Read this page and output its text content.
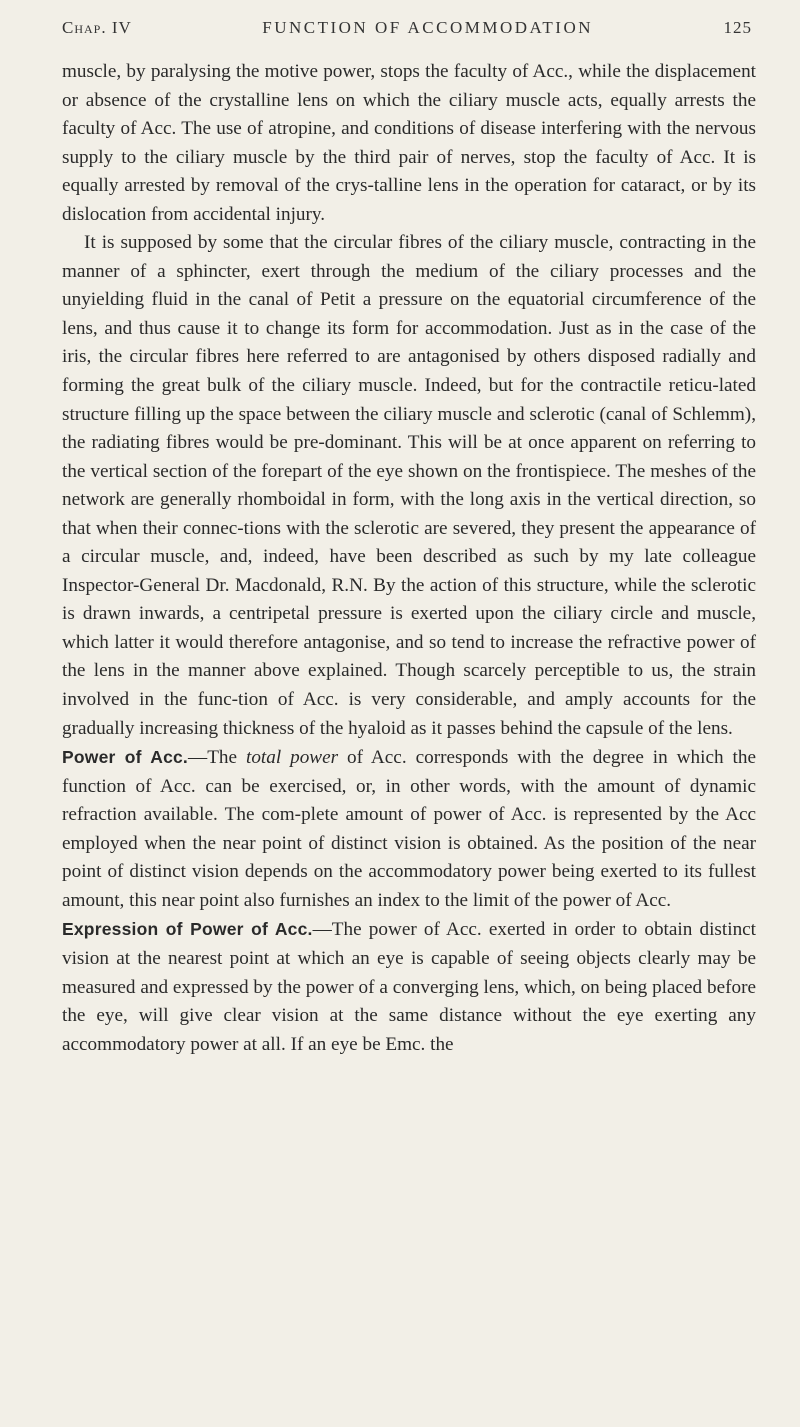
Chap. IV	FUNCTION OF ACCOMMODATION	125

muscle, by paralysing the motive power, stops the faculty of Acc., while the displacement or absence of the crystalline lens on which the ciliary muscle acts, equally arrests the faculty of Acc. The use of atropine, and conditions of disease interfering with the nervous supply to the ciliary muscle by the third pair of nerves, stop the faculty of Acc. It is equally arrested by removal of the crys-talline lens in the operation for cataract, or by its dislocation from accidental injury.

It is supposed by some that the circular fibres of the ciliary muscle, contracting in the manner of a sphincter, exert through the medium of the ciliary processes and the unyielding fluid in the canal of Petit a pressure on the equatorial circumference of the lens, and thus cause it to change its form for accommodation. Just as in the case of the iris, the circular fibres here referred to are antagonised by others disposed radially and forming the great bulk of the ciliary muscle. Indeed, but for the contractile reticu-lated structure filling up the space between the ciliary muscle and sclerotic (canal of Schlemm), the radiating fibres would be pre-dominant. This will be at once apparent on referring to the vertical section of the forepart of the eye shown on the frontispiece. The meshes of the network are generally rhomboidal in form, with the long axis in the vertical direction, so that when their connec-tions with the sclerotic are severed, they present the appearance of a circular muscle, and, indeed, have been described as such by my late colleague Inspector-General Dr. Macdonald, R.N. By the action of this structure, while the sclerotic is drawn inwards, a centripetal pressure is exerted upon the ciliary circle and muscle, which latter it would therefore antagonise, and so tend to increase the refractive power of the lens in the manner above explained. Though scarcely perceptible to us, the strain involved in the func-tion of Acc. is very considerable, and amply accounts for the gradually increasing thickness of the hyaloid as it passes behind the capsule of the lens.

Power of Acc.—The total power of Acc. corresponds with the degree in which the function of Acc. can be exercised, or, in other words, with the amount of dynamic refraction available. The com-plete amount of power of Acc. is represented by the Acc employed when the near point of distinct vision is obtained. As the position of the near point of distinct vision depends on the accommodatory power being exerted to its fullest amount, this near point also furnishes an index to the limit of the power of Acc.

Expression of Power of Acc.—The power of Acc. exerted in order to obtain distinct vision at the nearest point at which an eye is capable of seeing objects clearly may be measured and expressed by the power of a converging lens, which, on being placed before the eye, will give clear vision at the same distance without the eye exerting any accommodatory power at all. If an eye be Emc. the
